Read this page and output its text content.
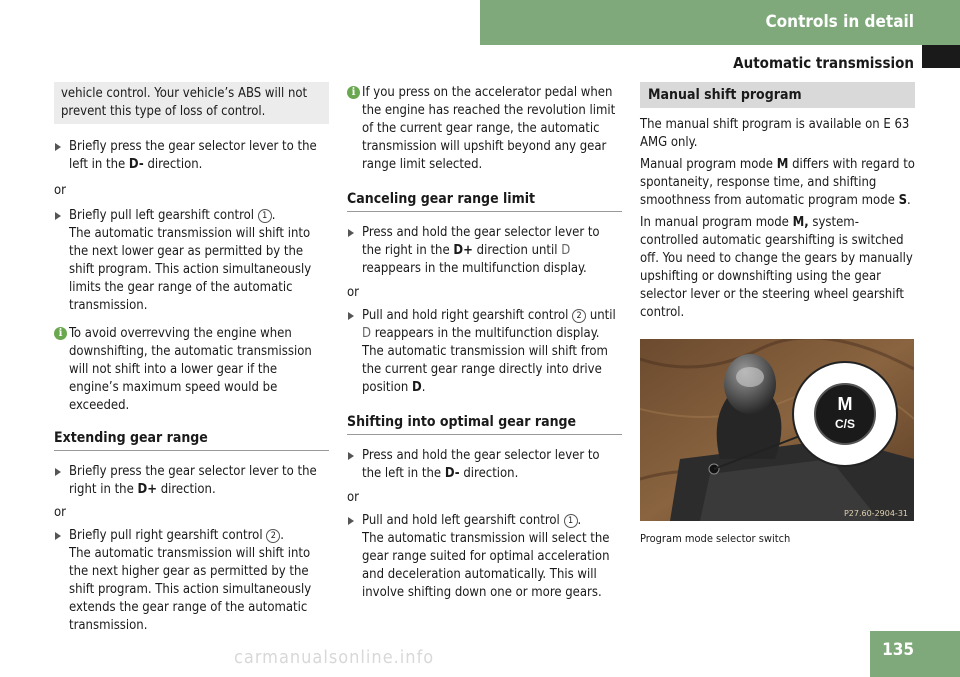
Controls in detail
Automatic transmission

vehicle control. Your vehicle’s ABS will not prevent this type of loss of control.

Briefly press the gear selector lever to the left in the D- direction.

or

Briefly pull left gearshift control 1 .

The automatic transmission will shift into the next lower gear as permitted by the shift program. This action simultaneously limits the gear range of the automatic transmission.

i To avoid overrevving the engine when downshifting, the automatic transmission will not shift into a lower gear if the engine’s maximum speed would be exceeded.
Extending gear range
Briefly press the gear selector lever to the right in the D+ direction.

or

Briefly pull right gearshift control 2 .

The automatic transmission will shift into the next higher gear as permitted by the shift program. This action simultaneously extends the gear range of the automatic transmission.

i If you press on the accelerator pedal when the engine has reached the revolution limit of the current gear range, the automatic transmission will upshift beyond any gear range limit selected.
Canceling gear range limit
Press and hold the gear selector lever to the right in the D+ direction until D reappears in the multifunction display.

or

Pull and hold right gearshift control 2 until D reappears in the multifunction display.

The automatic transmission will shift from the current gear range directly into drive position D.

Shifting into optimal gear range
Press and hold the gear selector lever to the left in the D- direction.

or

Pull and hold left gearshift control 1 .

The automatic transmission will select the gear range suited for optimal acceleration and deceleration automatically. This will involve shifting down one or more gears.

Manual shift program

The manual shift program is available on E 63 AMG only.

Manual program mode M differs with regard to spontaneity, response time, and shifting smoothness from automatic program mode S.

In manual program mode M, system-controlled automatic gearshifting is switched off. You need to change the gears by manually upshifting or downshifting using the gear selector lever or the steering wheel gearshift control.

M
C/S
P27.60-2904-31
Program mode selector switch
135
carmanualsonline.info
